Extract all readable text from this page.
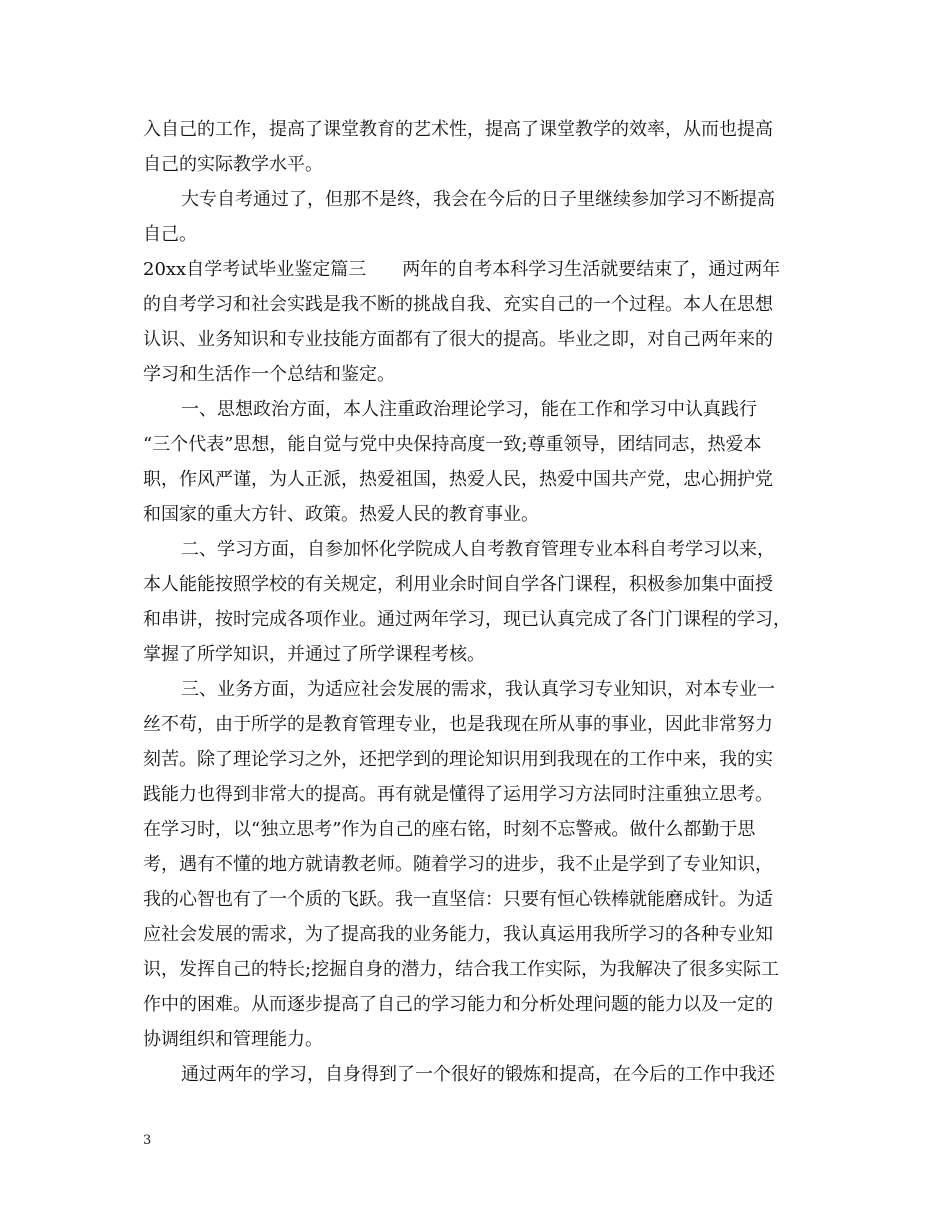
入自己的工作，提高了课堂教育的艺术性，提高了课堂教学的效率，从而也提高
自己的实际教学水平。
大专自考通过了，但那不是终，我会在今后的日子里继续参加学习不断提高
自己。
20xx自学考试毕业鉴定篇三　　两年的自考本科学习生活就要结束了，通过两年
的自考学习和社会实践是我不断的挑战自我、充实自己的一个过程。本人在思想
认识、业务知识和专业技能方面都有了很大的提高。毕业之即，对自己两年来的
学习和生活作一个总结和鉴定。
一、思想政治方面，本人注重政治理论学习，能在工作和学习中认真践行
“三个代表”思想，能自觉与党中央保持高度一致;尊重领导，团结同志，热爱本
职，作风严谨，为人正派，热爱祖国，热爱人民，热爱中国共产党，忠心拥护党
和国家的重大方针、政策。热爱人民的教育事业。
二、学习方面，自参加怀化学院成人自考教育管理专业本科自考学习以来，
本人能能按照学校的有关规定，利用业余时间自学各门课程，积极参加集中面授
和串讲，按时完成各项作业。通过两年学习，现已认真完成了各门门课程的学习，
掌握了所学知识，并通过了所学课程考核。
三、业务方面，为适应社会发展的需求，我认真学习专业知识，对本专业一
丝不苟，由于所学的是教育管理专业，也是我现在所从事的事业，因此非常努力
刻苦。除了理论学习之外，还把学到的理论知识用到我现在的工作中来，我的实
践能力也得到非常大的提高。再有就是懂得了运用学习方法同时注重独立思考。
在学习时，以“独立思考”作为自己的座右铭，时刻不忘警戒。做什么都勤于思
考，遇有不懂的地方就请教老师。随着学习的进步，我不止是学到了专业知识，
我的心智也有了一个质的飞跃。我一直坚信：只要有恒心铁棒就能磨成针。为适
应社会发展的需求，为了提高我的业务能力，我认真运用我所学习的各种专业知
识，发挥自己的特长;挖掘自身的潜力，结合我工作实际，为我解决了很多实际工
作中的困难。从而逐步提高了自己的学习能力和分析处理问题的能力以及一定的
协调组织和管理能力。
通过两年的学习，自身得到了一个很好的锻炼和提高，在今后的工作中我还
3
